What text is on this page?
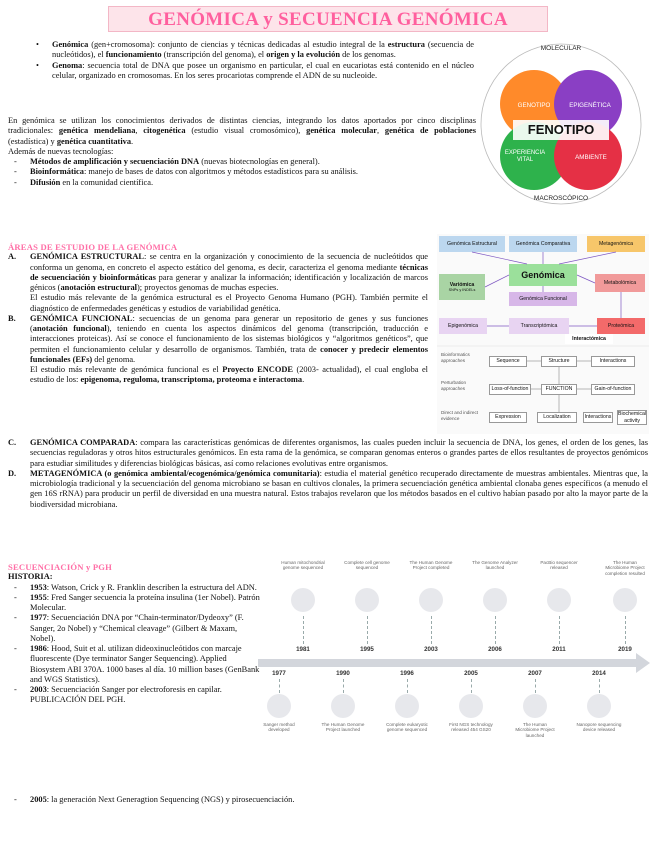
GENÓMICA y SECUENCIA GENÓMICA

• Genómica (gen+cromosoma): conjunto de ciencias y técnicas dedicadas al estudio integral de la estructura (secuencia de nucleótidos), el funcionamiento (transcripción del genoma), el origen y la evolución de los genomas.

• Genoma: secuencia total de DNA que posee un organismo en particular, el cual en eucariotas está contenido en el núcleo celular, organizado en cromosomas. En los seres procariotas comprende el ADN de su nucleoide.

En genómica se utilizan los conocimientos derivados de distintas ciencias, integrando los datos aportados por cinco disciplinas tradicionales: genética mendeliana, citogenética (estudio visual cromosómico), genética molecular, genética de poblaciones (estadística) y genética cuantitativa.

Además de nuevas tecnologías:

- Métodos de amplificación y secuenciación DNA (nuevas biotecnologías en general).

- Bioinformática: manejo de bases de datos con algoritmos y métodos estadísticos para su análisis.

- Difusión en la comunidad científica.

MOLECULAR
GENOTIPO	EPIGENÉTICA
FENOTIPO
EXPERIENCIA VITAL	AMBIENTE
MACROSCÓPICO

ÁREAS DE ESTUDIO DE LA GENÓMICA

A. GENÓMICA ESTRUCTURAL: se centra en la organización y conocimiento de la secuencia de nucleótidos que conforma un genoma, en concreto el aspecto estático del genoma, es decir, caracteriza el genoma mediante técnicas de secuenciación y bioinformáticas para generar y analizar la información; identificación y localización de marcos génicos (anotación estructural); proyectos genomas de muchas especies.

El estudio más relevante de la genómica estructural es el Proyecto Genoma Humano (PGH). También permite el diagnóstico de enfermedades genéticas y estudios de variabilidad genética.

B. GENÓMICA FUNCIONAL: secuencias de un genoma para generar un repositorio de genes y sus funciones (anotación funcional), teniendo en cuenta los aspectos dinámicos del genoma (transcripción, traducción e interacciones proteicas). Así se conoce el funcionamiento de los sistemas biológicos y “algoritmos genéticos”, que permiten el funcionamiento celular y desarrollo de organismos. También, trata de conocer y predecir elementos funcionales (EFs) del genoma.

El estudio más relevante de genómica funcional es el Proyecto ENCODE (2003- actualidad), el cual engloba el estudio de los: epigenoma, reguloma, transcriptoma, proteoma e interactoma.

C. GENÓMICA COMPARADA: compara las características genómicas de diferentes organismos, las cuales pueden incluir la secuencia de DNA, los genes, el orden de los genes, las secuencias reguladoras y otros hitos estructurales genómicos. En esta rama de la genómica, se comparan genomas enteros o grandes partes de ellos resultantes de proyectos genómicos para estudiar similitudes y diferencias biológicas básicas, así como relaciones evolutivas entre organismos.

D. METAGENÓMICA (o genómica ambiental/ecogenómica/genómica comunitaria): estudia el material genético recuperado directamente de muestras ambientales. Mientras que, la microbiología tradicional y la secuenciación del genoma microbiano se basan en cultivos clonales, la primera secuenciación genética ambiental clonaba genes específicos (a menudo el gen 16S rRNA) para producir un perfil de diversidad en una muestra natural. Estos trabajos revelaron que los métodos basados en el cultivo habían pasado por alto la mayor parte de la biodiversidad microbiana.

Genómica Estructural	Genómica Comparativa	Metagenómica
Genómica
Variómica
SNPs y INDELs
Genómica Funcional
Metabolómica
Epigenómica	Transcriptómica	Proteómica
Interactómica
Bioinformatics approaches
Perturbation approaches
Direct and indirect evidence
Sequence	Structure	Interactions
Loss-of-function	FUNCTION	Gain-of-function
Expression	Localization	Interactions
Biochemical activity

SECUENCIACIÓN y PGH

HISTORIA:

- 1953: Watson, Crick y R. Franklin describen la estructura del ADN.

- 1955: Fred Sanger secuencia la proteína insulina (1er Nobel). Patrón Molecular.

- 1977: Secuenciación DNA por “Chain-terminator/Dydeoxy” (F. Sanger, 2o Nobel) y “Chemical cleavage” (Gilbert & Maxam, Nobel).

- 1986: Hood, Suit et al. utilizan dideoxinucleótidos con marcaje fluorescente (Dye terminator Sanger Sequencing). Applied Biosystem ABI 370A. 1000 bases al día. 10 million bases (GenBank and WGS Statistics).

- 2003: Secuenciación Sanger por electroforesis en capilar. PUBLICACIÓN DEL PGH.

- 2005: la generación Next Generagtion Sequencing (NGS) y pirosecuenciación.

Human mitochondrial genome sequenced
1981
Complete cell genome sequenced
1995
The Human Genome Project completed
2003
The Genome Analyzer launched
2006
PacBio sequencer released
2011
The Human Microbiome Project completion resulted
2019
1977
Sanger method developed
1990
The Human Genome Project launched
1996
Complete eukaryotic genome sequenced
2005
First NGS technology released 454 GS20
2007
The Human Microbiome Project launched
2014
Nanopore sequencing device released
